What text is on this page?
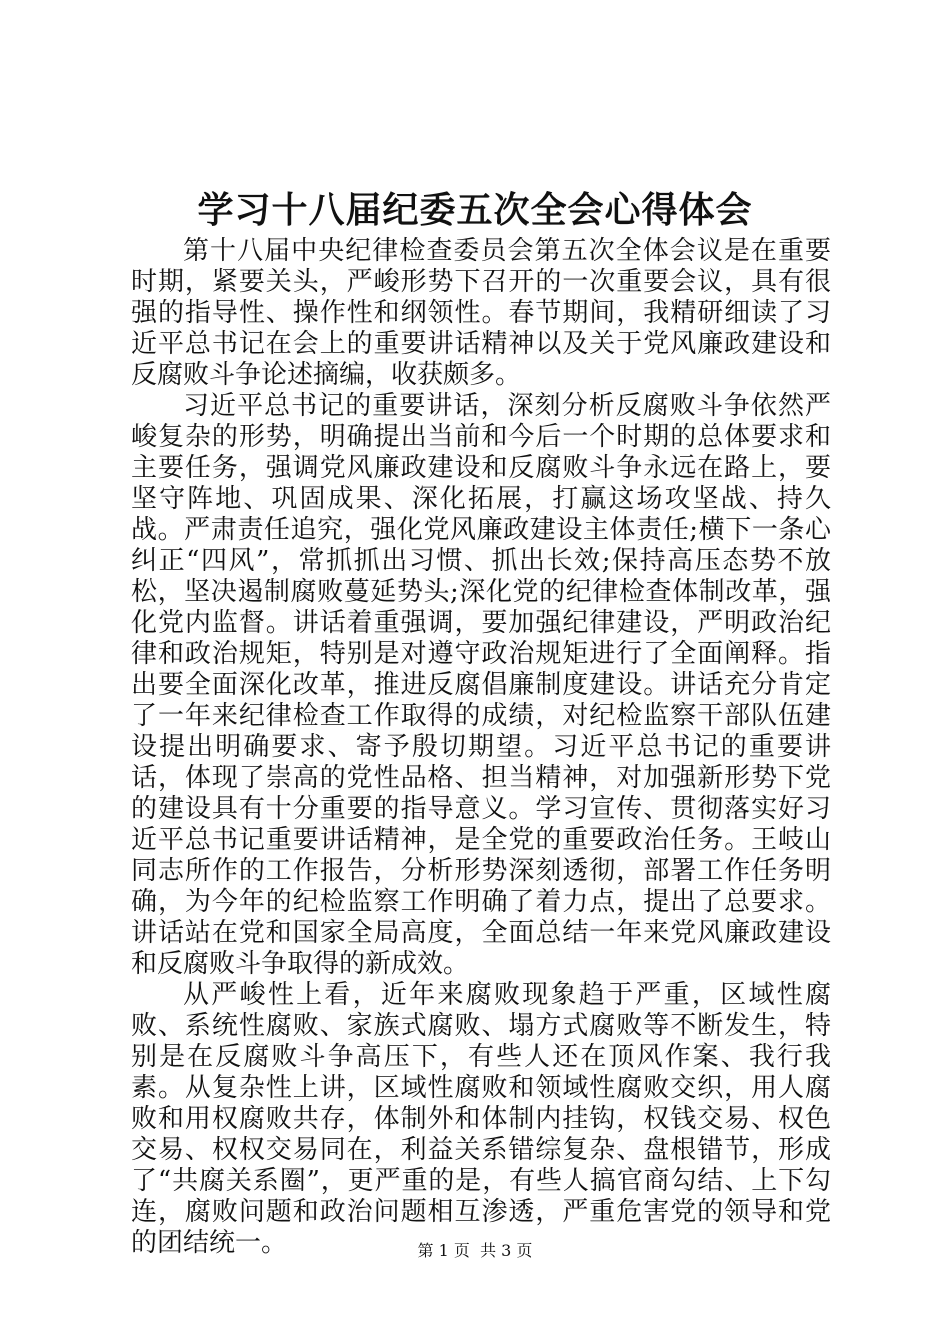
学习十八届纪委五次全会心得体会

第十八届中央纪律检查委员会第五次全体会议是在重要时期，紧要关头，严峻形势下召开的一次重要会议，具有很强的指导性、操作性和纲领性。春节期间，我精研细读了习近平总书记在会上的重要讲话精神以及关于党风廉政建设和反腐败斗争论述摘编，收获颇多。

习近平总书记的重要讲话，深刻分析反腐败斗争依然严峻复杂的形势，明确提出当前和今后一个时期的总体要求和主要任务，强调党风廉政建设和反腐败斗争永远在路上，要坚守阵地、巩固成果、深化拓展，打赢这场攻坚战、持久战。严肃责任追究，强化党风廉政建设主体责任;横下一条心纠正“四风”，常抓抓出习惯、抓出长效;保持高压态势不放松，坚决遏制腐败蔓延势头;深化党的纪律检查体制改革，强化党内监督。讲话着重强调，要加强纪律建设，严明政治纪律和政治规矩，特别是对遵守政治规矩进行了全面阐释。指出要全面深化改革，推进反腐倡廉制度建设。讲话充分肯定了一年来纪律检查工作取得的成绩，对纪检监察干部队伍建设提出明确要求、寄予殷切期望。习近平总书记的重要讲话，体现了崇高的党性品格、担当精神，对加强新形势下党的建设具有十分重要的指导意义。学习宣传、贯彻落实好习近平总书记重要讲话精神，是全党的重要政治任务。王岐山同志所作的工作报告，分析形势深刻透彻，部署工作任务明确，为今年的纪检监察工作明确了着力点，提出了总要求。讲话站在党和国家全局高度，全面总结一年来党风廉政建设和反腐败斗争取得的新成效。

从严峻性上看，近年来腐败现象趋于严重，区域性腐败、系统性腐败、家族式腐败、塌方式腐败等不断发生，特别是在反腐败斗争高压下，有些人还在顶风作案、我行我素。从复杂性上讲，区域性腐败和领域性腐败交织，用人腐败和用权腐败共存，体制外和体制内挂钩，权钱交易、权色交易、权权交易同在，利益关系错综复杂、盘根错节，形成了“共腐关系圈”，更严重的是，有些人搞官商勾结、上下勾连，腐败问题和政治问题相互渗透，严重危害党的领导和党的团结统一。	第 1 页 共 3 页
